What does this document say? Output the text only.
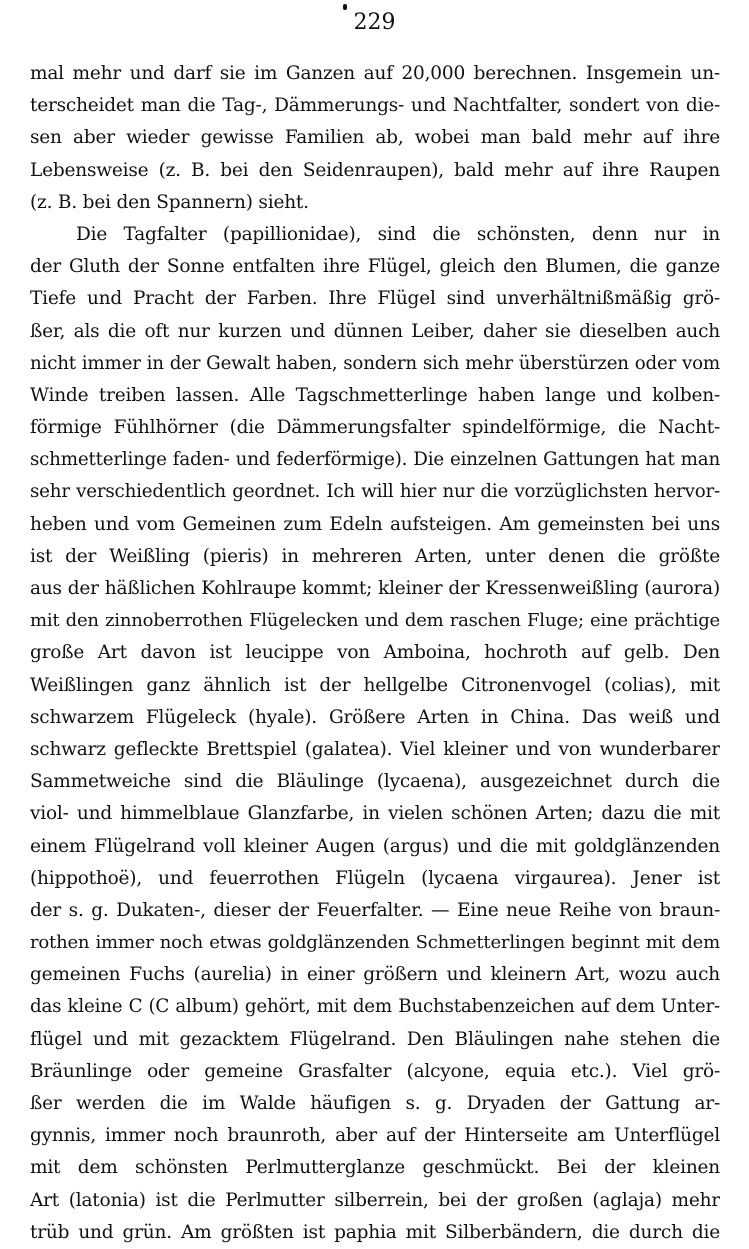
229
mal mehr und darf sie im Ganzen auf 20,000 berechnen. Insgemein un-
terscheidet man die Tag-, Dämmerungs- und Nachtfalter, sondert von die-
sen aber wieder gewisse Familien ab, wobei man bald mehr auf ihre
Lebensweise (z. B. bei den Seidenraupen), bald mehr auf ihre Raupen
(z. B. bei den Spannern) sieht.
Die Tagfalter (papillionidae), sind die schönsten, denn nur in
der Gluth der Sonne entfalten ihre Flügel, gleich den Blumen, die ganze
Tiefe und Pracht der Farben. Ihre Flügel sind unverhältnißmäßig grö-
ßer, als die oft nur kurzen und dünnen Leiber, daher sie dieselben auch
nicht immer in der Gewalt haben, sondern sich mehr überstürzen oder vom
Winde treiben lassen. Alle Tagschmetterlinge haben lange und kolben-
förmige Fühlhörner (die Dämmerungsfalter spindelförmige, die Nacht-
schmetterlinge faden- und federförmige). Die einzelnen Gattungen hat man
sehr verschiedentlich geordnet. Ich will hier nur die vorzüglichsten hervor-
heben und vom Gemeinen zum Edeln aufsteigen. Am gemeinsten bei uns
ist der Weißling (pieris) in mehreren Arten, unter denen die größte
aus der häßlichen Kohlraupe kommt; kleiner der Kressenweißling (aurora)
mit den zinnoberrothen Flügelecken und dem raschen Fluge; eine prächtige
große Art davon ist leucippe von Amboina, hochroth auf gelb. Den
Weißlingen ganz ähnlich ist der hellgelbe Citronenvogel (colias), mit
schwarzem Flügeleck (hyale). Größere Arten in China. Das weiß und
schwarz gefleckte Brettspiel (galatea). Viel kleiner und von wunderbarer
Sammetweiche sind die Bläulinge (lycaena), ausgezeichnet durch die
viol- und himmelblaue Glanzfarbe, in vielen schönen Arten; dazu die mit
einem Flügelrand voll kleiner Augen (argus) und die mit goldglänzenden
(hippothoë), und feuerrothen Flügeln (lycaena virgaurea). Jener ist
der s. g. Dukaten-, dieser der Feuerfalter. — Eine neue Reihe von braun-
rothen immer noch etwas goldglänzenden Schmetterlingen beginnt mit dem
gemeinen Fuchs (aurelia) in einer größern und kleinern Art, wozu auch
das kleine C (C album) gehört, mit dem Buchstabenzeichen auf dem Unter-
flügel und mit gezacktem Flügelrand. Den Bläulingen nahe stehen die
Bräunlinge oder gemeine Grasfalter (alcyone, equia etc.). Viel grö-
ßer werden die im Walde häufigen s. g. Dryaden der Gattung ar-
gynnis, immer noch braunroth, aber auf der Hinterseite am Unterflügel
mit dem schönsten Perlmutterglanze geschmückt. Bei der kleinen
Art (latonia) ist die Perlmutter silberrein, bei der großen (aglaja) mehr
trüb und grün. Am größten ist paphia mit Silberbändern, die durch die
